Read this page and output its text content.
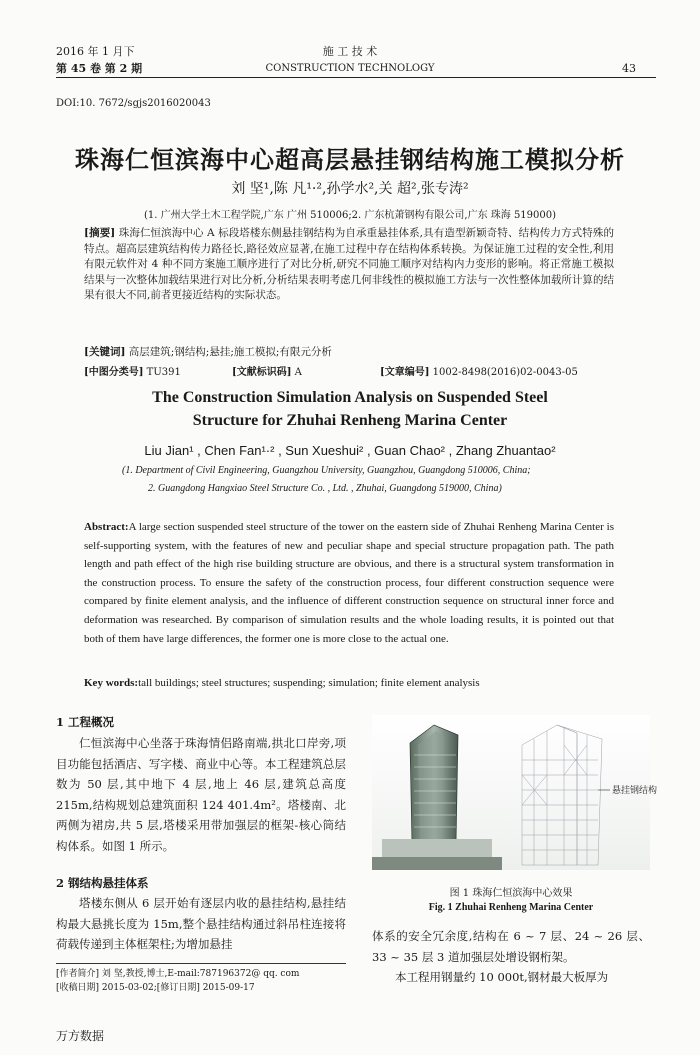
2016 年 1 月下
第 45 卷 第 2 期
施 工 技 术
CONSTRUCTION TECHNOLOGY	43
DOI:10. 7672/sgjs2016020043
珠海仁恒滨海中心超高层悬挂钢结构施工模拟分析
刘 坚¹,陈 凡¹·²,孙学水²,关 超²,张专涛²
(1. 广州大学土木工程学院,广东 广州 510006;2. 广东杭萧钢构有限公司,广东 珠海 519000)
[摘要] 珠海仁恒滨海中心 A 标段塔楼东侧悬挂钢结构为自承重悬挂体系,具有造型新颖奇特、结构传力方式特殊的特点。超高层建筑结构传力路径长,路径效应显著,在施工过程中存在结构体系转换。为保证施工过程的安全性,利用有限元软件对 4 种不同方案施工顺序进行了对比分析,研究不同施工顺序对结构内力变形的影响。将正常施工模拟结果与一次整体加载结果进行对比分析,分析结果表明考虑几何非线性的模拟施工方法与一次性整体加载所计算的结果有很大不同,前者更接近结构的实际状态。
[关键词] 高层建筑;钢结构;悬挂;施工模拟;有限元分析
[中图分类号] TU391	[文献标识码] A	[文章编号] 1002-8498(2016)02-0043-05
The Construction Simulation Analysis on Suspended Steel
Structure for Zhuhai Renheng Marina Center
Liu Jian¹ , Chen Fan¹·² , Sun Xueshui² , Guan Chao² , Zhang Zhuantao²
(1. Department of Civil Engineering, Guangzhou University, Guangzhou, Guangdong 510006, China;
2. Guangdong Hangxiao Steel Structure Co. , Ltd. , Zhuhai, Guangdong 519000, China)
Abstract:A large section suspended steel structure of the tower on the eastern side of Zhuhai Renheng Marina Center is self-supporting system, with the features of new and peculiar shape and special structure propagation path. The path length and path effect of the high rise building structure are obvious, and there is a structural system transformation in the construction process. To ensure the safety of the construction process, four different construction sequence were compared by finite element analysis, and the influence of different construction sequence on structural inner force and deformation was researched. By comparison of simulation results and the whole loading results, it is pointed out that both of them have large differences, the former one is more close to the actual one.
Key words:tall buildings; steel structures; suspending; simulation; finite element analysis
1 工程概况

仁恒滨海中心坐落于珠海情侣路南端,拱北口岸旁,项目功能包括酒店、写字楼、商业中心等。本工程建筑总层数为 50 层,其中地下 4 层,地上 46 层,建筑总高度 215m,结构规划总建筑面积 124 401.4m²。塔楼南、北两侧为裙房,共 5 层,塔楼采用带加强层的框架-核心筒结构体系。如图 1 所示。

2 钢结构悬挂体系

塔楼东侧从 6 层开始有逐层内收的悬挂结构,悬挂结构最大悬挑长度为 15m,整个悬挂结构通过斜吊柱连接将荷载传递到主体框架柱;为增加悬挂

[作者简介] 刘 坚,教授,博士,E-mail:787196372@ qq. com
[收稿日期] 2015-03-02;[修订日期] 2015-09-17
悬挂钢结构
图 1 珠海仁恒滨海中心效果
Fig. 1 Zhuhai Renheng Marina Center
体系的安全冗余度,结构在 6 ~ 7 层、24 ~ 26 层、33 ~ 35 层 3 道加强层处增设钢桁架。

本工程用钢量约 10 000t,钢材最大板厚为

万方数据
